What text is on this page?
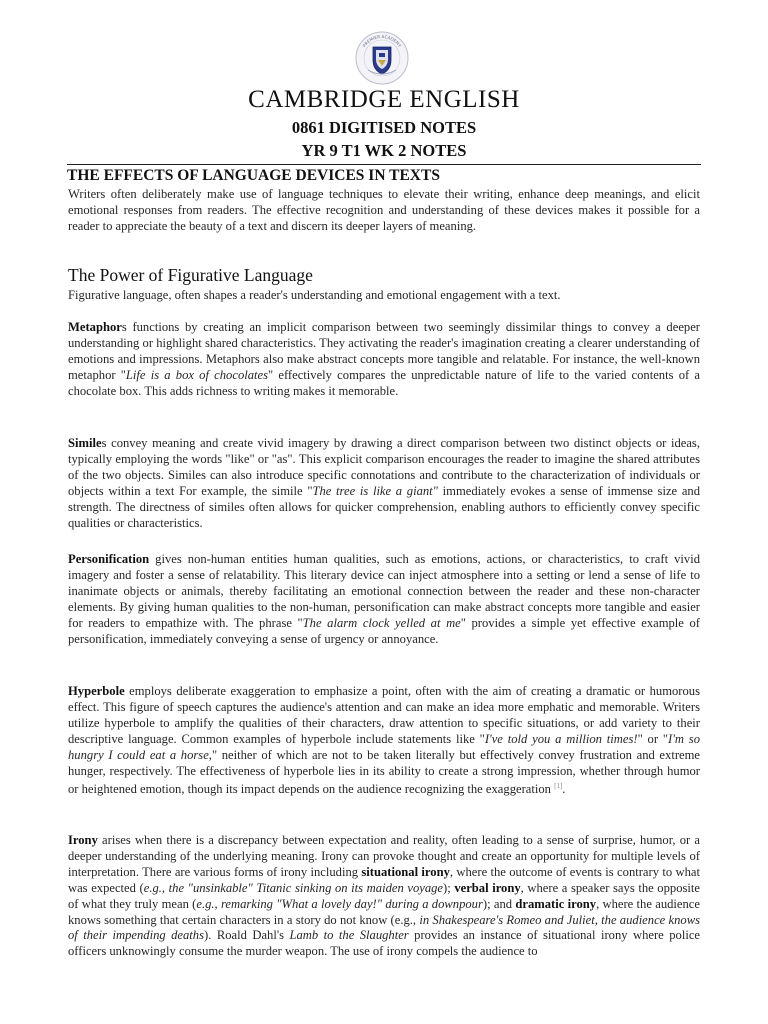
PREMIER ACADEMY
CAMBRIDGE ENGLISH
0861 DIGITISED NOTES
YR 9 T1 WK 2 NOTES
THE EFFECTS OF LANGUAGE DEVICES IN TEXTS

Writers often deliberately make use of language techniques to elevate their writing, enhance deep meanings, and elicit emotional responses from readers. The effective recognition and understanding of these devices makes it possible for a reader to appreciate the beauty of a text and discern its deeper layers of meaning.

The Power of Figurative Language

Figurative language, often shapes a reader's understanding and emotional engagement with a text.

Metaphors functions by creating an implicit comparison between two seemingly dissimilar things to convey a deeper understanding or highlight shared characteristics. They activating the reader's imagination creating a clearer understanding of emotions and impressions. Metaphors also make abstract concepts more tangible and relatable. For instance, the well-known metaphor "Life is a box of chocolates" effectively compares the unpredictable nature of life to the varied contents of a chocolate box. This adds richness to writing makes it memorable.

Similes convey meaning and create vivid imagery by drawing a direct comparison between two distinct objects or ideas, typically employing the words "like" or "as". This explicit comparison encourages the reader to imagine the shared attributes of the two objects. Similes can also introduce specific connotations and contribute to the characterization of individuals or objects within a text For example, the simile "The tree is like a giant" immediately evokes a sense of immense size and strength. The directness of similes often allows for quicker comprehension, enabling authors to efficiently convey specific qualities or characteristics.

Personification gives non-human entities human qualities, such as emotions, actions, or characteristics, to craft vivid imagery and foster a sense of relatability. This literary device can inject atmosphere into a setting or lend a sense of life to inanimate objects or animals, thereby facilitating an emotional connection between the reader and these non-character elements. By giving human qualities to the non-human, personification can make abstract concepts more tangible and easier for readers to empathize with. The phrase "The alarm clock yelled at me" provides a simple yet effective example of personification, immediately conveying a sense of urgency or annoyance.

Hyperbole employs deliberate exaggeration to emphasize a point, often with the aim of creating a dramatic or humorous effect. This figure of speech captures the audience's attention and can make an idea more emphatic and memorable. Writers utilize hyperbole to amplify the qualities of their characters, draw attention to specific situations, or add variety to their descriptive language. Common examples of hyperbole include statements like "I've told you a million times!" or "I'm so hungry I could eat a horse," neither of which are not to be taken literally but effectively convey frustration and extreme hunger, respectively. The effectiveness of hyperbole lies in its ability to create a strong impression, whether through humor or heightened emotion, though its impact depends on the audience recognizing the exaggeration [1].

Irony arises when there is a discrepancy between expectation and reality, often leading to a sense of surprise, humor, or a deeper understanding of the underlying meaning. Irony can provoke thought and create an opportunity for multiple levels of interpretation. There are various forms of irony including situational irony, where the outcome of events is contrary to what was expected (e.g., the "unsinkable" Titanic sinking on its maiden voyage); verbal irony, where a speaker says the opposite of what they truly mean (e.g., remarking "What a lovely day!" during a downpour); and dramatic irony, where the audience knows something that certain characters in a story do not know (e.g., in Shakespeare's Romeo and Juliet, the audience knows of their impending deaths). Roald Dahl's Lamb to the Slaughter provides an instance of situational irony where police officers unknowingly consume the murder weapon. The use of irony compels the audience to
